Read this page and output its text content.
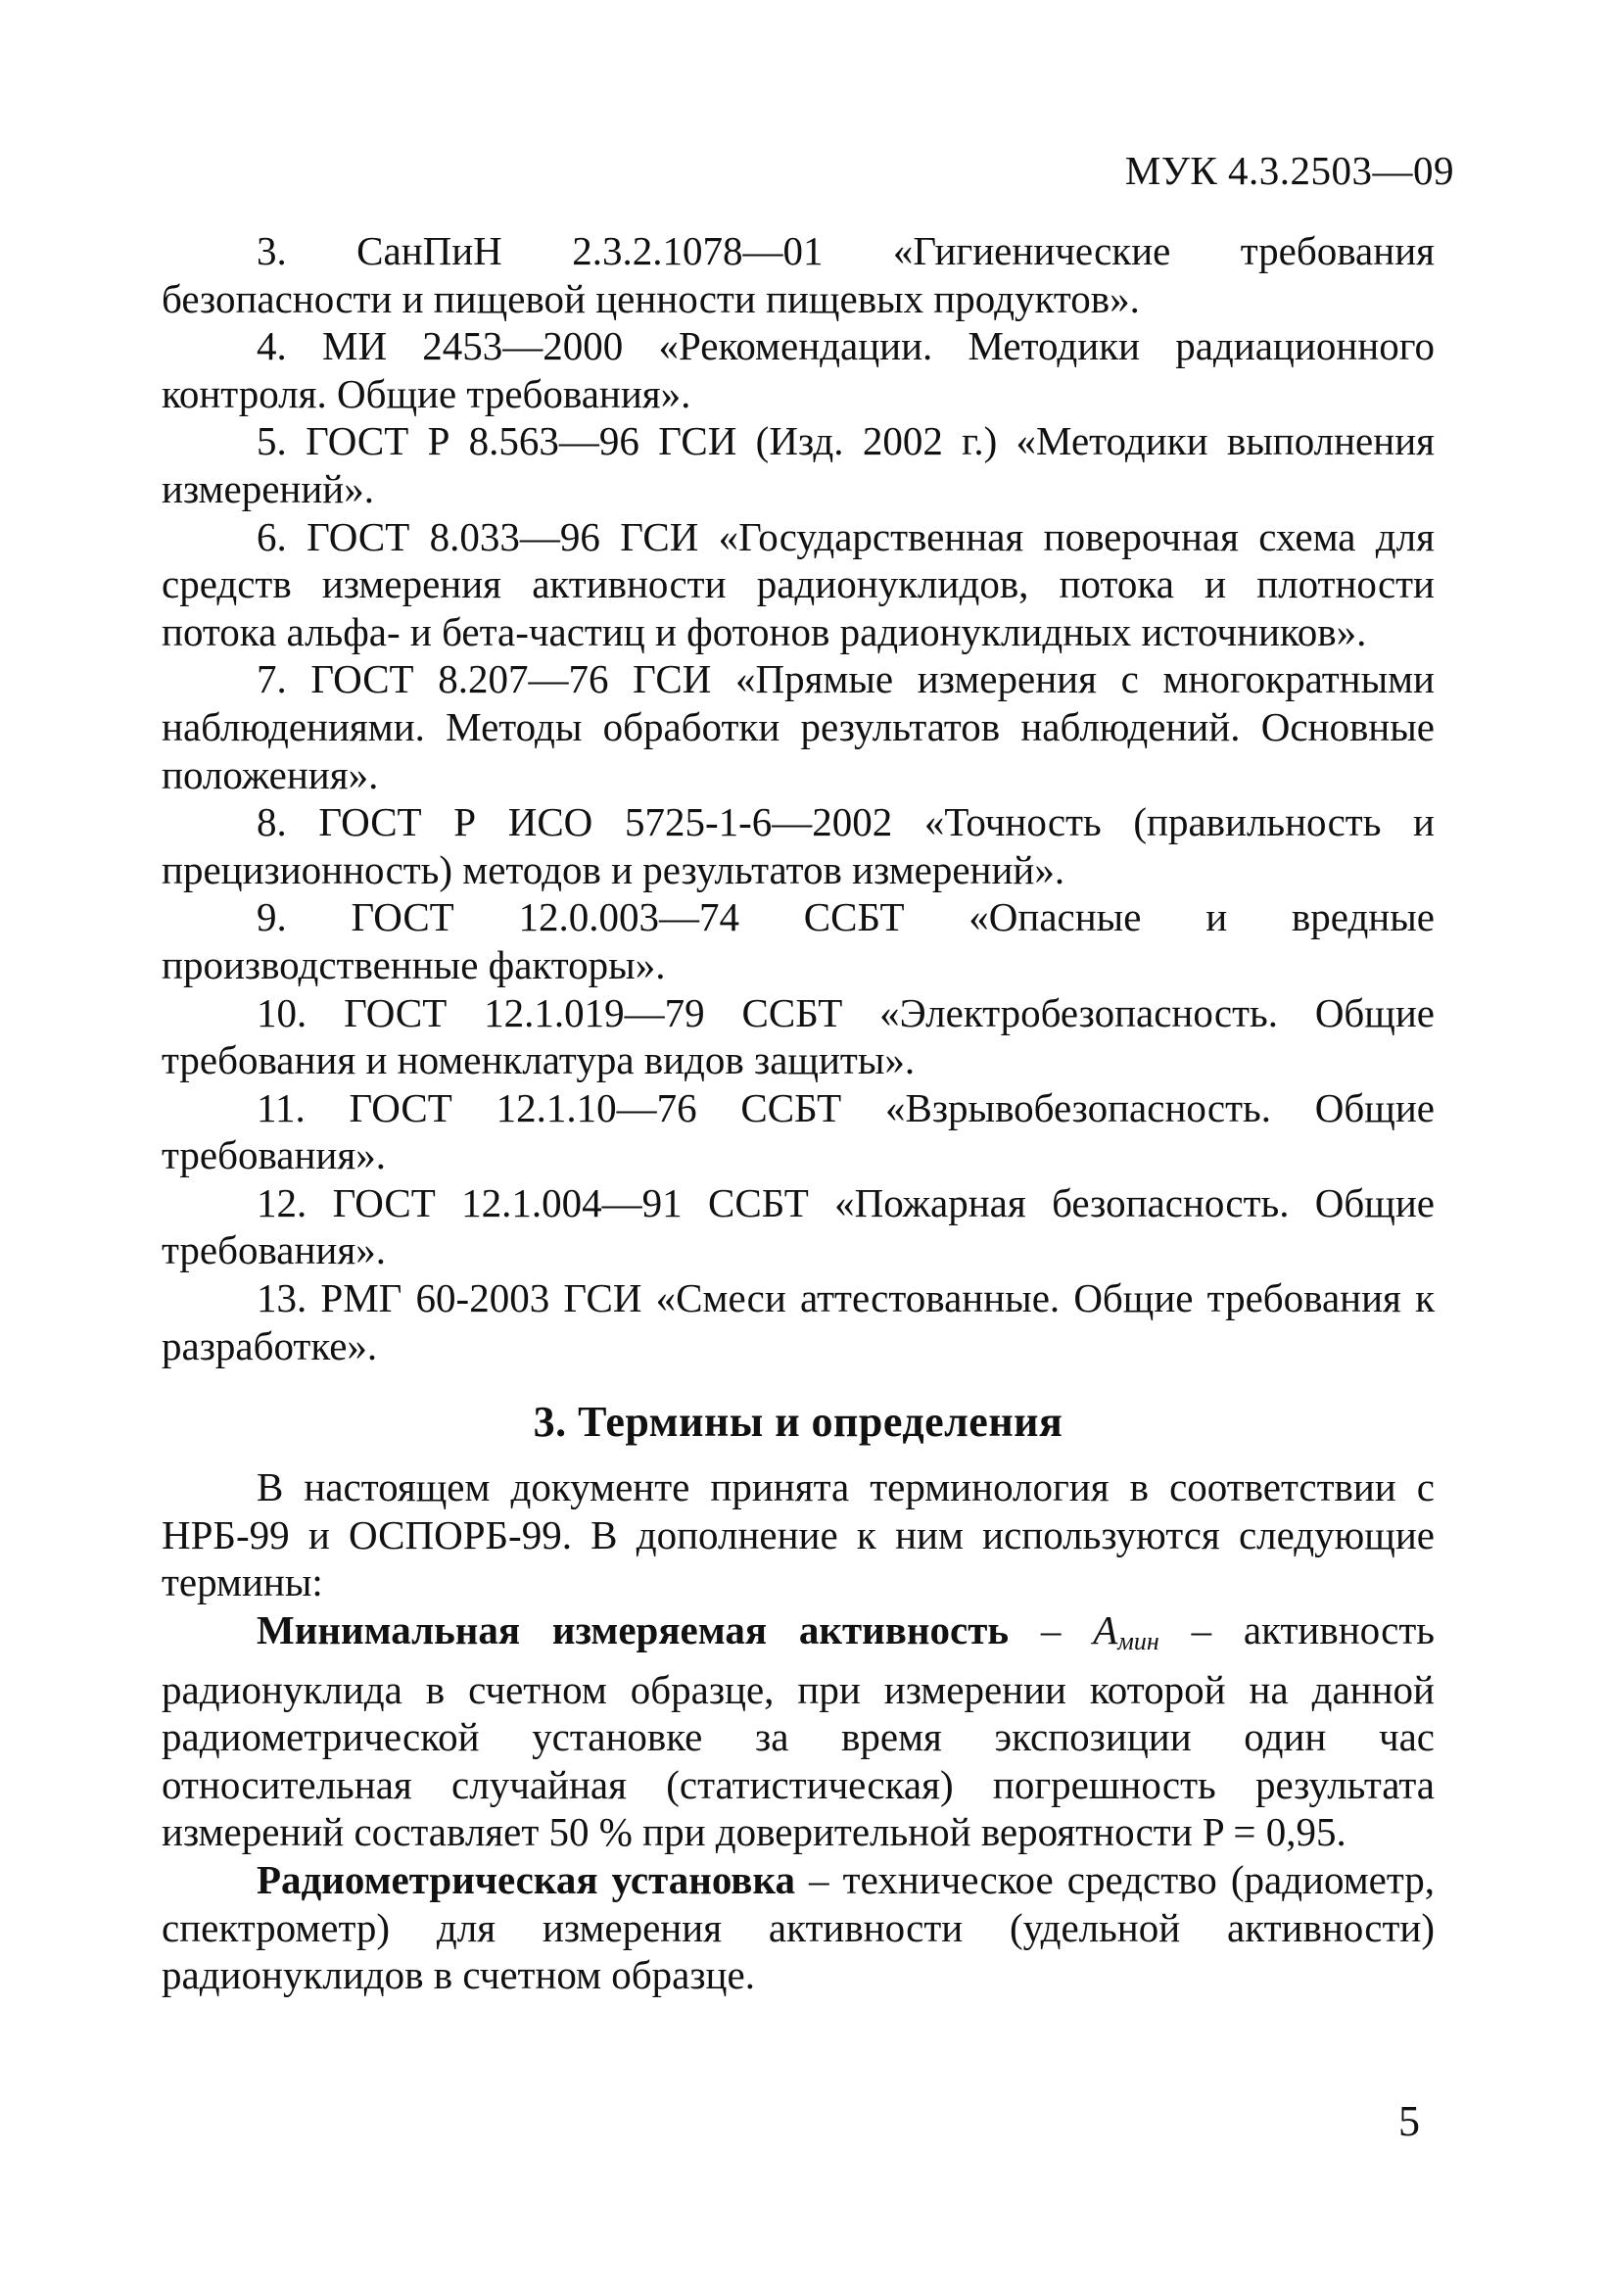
МУК 4.3.2503—09

3. СанПиН 2.3.2.1078—01 «Гигиенические требования безопасности и пищевой ценности пищевых продуктов».

4. МИ 2453—2000 «Рекомендации. Методики радиационного контроля. Общие требования».

5. ГОСТ Р 8.563—96 ГСИ (Изд. 2002 г.) «Методики выполнения измерений».

6. ГОСТ 8.033—96 ГСИ «Государственная поверочная схема для средств измерения активности радионуклидов, потока и плотности потока альфа- и бета-частиц и фотонов радионуклидных источников».

7. ГОСТ 8.207—76 ГСИ «Прямые измерения с многократными наблюдениями. Методы обработки результатов наблюдений. Основные положения».

8. ГОСТ Р ИСО 5725-1-6—2002 «Точность (правильность и прецизионность) методов и результатов измерений».

9. ГОСТ 12.0.003—74 ССБТ «Опасные и вредные производственные факторы».

10. ГОСТ 12.1.019—79 ССБТ «Электробезопасность. Общие требования и номенклатура видов защиты».

11. ГОСТ 12.1.10—76 ССБТ «Взрывобезопасность. Общие требования».

12. ГОСТ 12.1.004—91 ССБТ «Пожарная безопасность. Общие требования».

13. РМГ 60-2003 ГСИ «Смеси аттестованные. Общие требования к разработке».

3. Термины и определения

В настоящем документе принята терминология в соответствии с НРБ-99 и ОСПОРБ-99. В дополнение к ним используются следующие термины:

Минимальная измеряемая активность – $A_{мин}$ – активность радионуклида в счетном образце, при измерении которой на данной радиометрической установке за время экспозиции один час относительная случайная (статистическая) погрешность результата измерений составляет 50 % при доверительной вероятности P = 0,95.

Радиометрическая установка – техническое средство (радиометр, спектрометр) для измерения активности (удельной активности) радионуклидов в счетном образце.

5
